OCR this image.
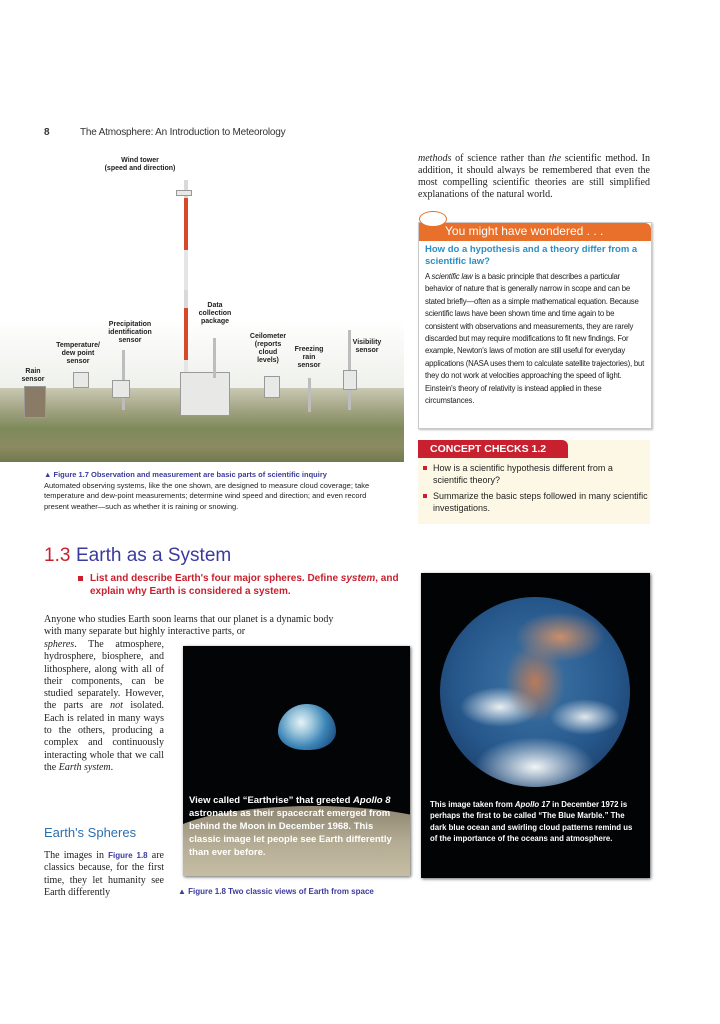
8	The Atmosphere: An Introduction to Meteorology
Wind tower
(speed and direction)
Data
collection
package
Precipitation
identification
sensor
Temperature/
dew point
sensor
Rain
sensor
Ceilometer
(reports
cloud
levels)
Freezing
rain
sensor
Visibility
sensor
▲ Figure 1.7 Observation and measurement are basic parts of scientific inquiry
Automated observing systems, like the one shown, are designed to measure cloud coverage; take temperature and dew-point measurements; determine wind speed and direction; and even record present weather—such as whether it is raining or snowing.
methods of science rather than the scientific method. In addition, it should always be remembered that even the most compelling scientific theories are still simplified explanations of the natural world.
You might have wondered . . .
How do a hypothesis and a theory differ from a scientific law?
A scientific law is a basic principle that describes a particular behavior of nature that is generally narrow in scope and can be stated briefly—often as a simple mathematical equation. Because scientific laws have been shown time and time again to be consistent with observations and measurements, they are rarely discarded but may require modifications to fit new findings. For example, Newton's laws of motion are still useful for everyday applications (NASA uses them to calculate satellite trajectories), but they do not work at velocities approaching the speed of light. Einstein's theory of relativity is instead applied in these circumstances.
CONCEPT CHECKS 1.2
How is a scientific hypothesis different from a scientific theory?
Summarize the basic steps followed in many scientific investigations.
1.3 Earth as a System
List and describe Earth's four major spheres. Define system, and explain why Earth is considered a system.
Anyone who studies Earth soon learns that our planet is a dynamic body with many separate but highly interactive parts, or
spheres. The atmosphere, hydrosphere, biosphere, and lithosphere, along with all of their components, can be studied separately. However, the parts are not isolated. Each is related in many ways to the others, producing a complex and continuously interacting whole that we call the Earth system.
Earth's Spheres
The images in Figure 1.8 are classics because, for the first time, they let humanity see Earth differently
View called “Earthrise” that greeted Apollo 8 astronauts as their spacecraft emerged from behind the Moon in December 1968. This classic image let people see Earth differently than ever before.
This image taken from Apollo 17 in December 1972 is perhaps the first to be called “The Blue Marble.” The dark blue ocean and swirling cloud patterns remind us of the importance of the oceans and atmosphere.
▲ Figure 1.8 Two classic views of Earth from space
